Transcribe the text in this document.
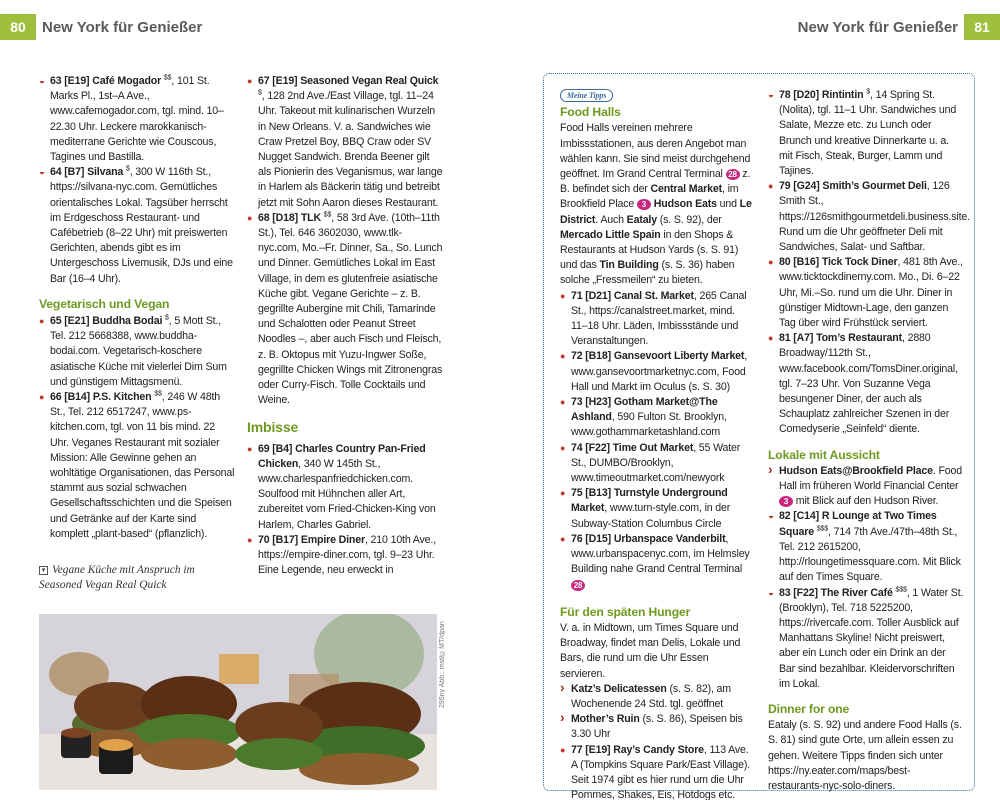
80	New York für Genießer	New York für Genießer	81
◒63 [E19] Café Mogador $$, 101 St. Marks Pl., 1st–A Ave., www.cafemogador.com, tgl. mind. 10–22.30 Uhr. Leckere marokkanisch-mediterrane Gerichte wie Couscous, Tagines und Bastilla.
◒64 [B7] Silvana $, 300 W 116th St., https://silvana-nyc.com. Gemütliches orientalisches Lokal. Tagsüber herrscht im Erdgeschoss Restaurant- und Cafébetrieb (8–22 Uhr) mit preiswerten Gerichten, abends gibt es im Untergeschoss Livemusik, DJs und eine Bar (16–4 Uhr).
Vegetarisch und Vegan
●65 [E21] Buddha Bodai $, 5 Mott St., Tel. 212 5668388, www.buddha-bodai.com. Vegetarisch-koschere asiatische Küche mit vielerlei Dim Sum und günstigem Mittagsmenü.
●66 [B14] P.S. Kitchen $$, 246 W 48th St., Tel. 212 6517247, www.ps-kitchen.com, tgl. von 11 bis mind. 22 Uhr. Veganes Restaurant mit sozialer Mission: Alle Gewinne gehen an wohltätige Organisationen, das Personal stammt aus sozial schwachen Gesellschaftsschichten und die Speisen und Getränke auf der Karte sind komplett „plant-based“ (pflanzlich).
▾ Vegane Küche mit Anspruch im Seasoned Vegan Real Quick
295ny Abb.: mst/©MT/dpan
●67 [E19] Seasoned Vegan Real Quick $, 128 2nd Ave./East Village, tgl. 11–24 Uhr. Takeout mit kulinarischen Wurzeln in New Orleans. V. a. Sandwiches wie Craw Pretzel Boy, BBQ Craw oder SV Nugget Sandwich. Brenda Beener gilt als Pionierin des Veganismus, war lange in Harlem als Bäckerin tätig und betreibt jetzt mit Sohn Aaron dieses Restaurant.
●68 [D18] TLK $$, 58 3rd Ave. (10th–11th St.), Tel. 646 3602030, www.tlk-nyc.com, Mo.–Fr. Dinner, Sa., So. Lunch und Dinner. Gemütliches Lokal im East Village, in dem es glutenfreie asiatische Küche gibt. Vegane Gerichte – z. B. gegrillte Aubergine mit Chili, Tamarinde und Schalotten oder Peanut Street Noodles –, aber auch Fisch und Fleisch, z. B. Oktopus mit Yuzu-Ingwer Soße, gegrillte Chicken Wings mit Zitronengras oder Curry-Fisch. Tolle Cocktails und Weine.
Imbisse
●69 [B4] Charles Country Pan-Fried Chicken, 340 W 145th St., www.charlespanfriedchicken.com. Soulfood mit Hühnchen aller Art, zubereitet vom Fried-Chicken-King von Harlem, Charles Gabriel.
●70 [B17] Empire Diner, 210 10th Ave., https://empire-diner.com, tgl. 9–23 Uhr. Eine Legende, neu erweckt in
Meine Tipps
Food Halls
Food Halls vereinen mehrere Imbissstationen, aus deren Angebot man wählen kann. Sie sind meist durchgehend geöffnet. Im Grand Central Terminal 28 z. B. befindet sich der Central Market, im Brookfield Place 3 Hudson Eats und Le District. Auch Eataly (s. S. 92), der Mercado Little Spain in den Shops & Restaurants at Hudson Yards (s. S. 91) und das Tin Building (s. S. 36) haben solche „Fressmeilen“ zu bieten.
●71 [D21] Canal St. Market, 265 Canal St., https://canalstreet.market, mind. 11–18 Uhr. Läden, Imbissstände und Veranstaltungen.
●72 [B18] Gansevoort Liberty Market, www.gansevoortmarketnyc.com, Food Hall und Markt im Oculus (s. S. 30)
●73 [H23] Gotham Market@The Ashland, 590 Fulton St. Brooklyn, www.gothammarketashland.com
●74 [F22] Time Out Market, 55 Water St., DUMBO/Brooklyn, www.timeoutmarket.com/newyork
●75 [B13] Turnstyle Underground Market, www.turn-style.com, in der Subway-Station Columbus Circle
●76 [D15] Urbanspace Vanderbilt, www.urbanspacenyc.com, im Helmsley Building nahe Grand Central Terminal 28
Für den späten Hunger
V. a. in Midtown, um Times Square und Broadway, findet man Delis, Lokale und Bars, die rund um die Uhr Essen servieren.
›Katz’s Delicatessen (s. S. 82), am Wochenende 24 Std. tgl. geöffnet
›Mother’s Ruin (s. S. 86), Speisen bis 3.30 Uhr
●77 [E19] Ray’s Candy Store, 113 Ave. A (Tompkins Square Park/East Village). Seit 1974 gibt es hier rund um die Uhr Pommes, Shakes, Eis, Hotdogs etc.
◒78 [D20] Rintintin $, 14 Spring St. (Nolita), tgl. 11–1 Uhr. Sandwiches und Salate, Mezze etc. zu Lunch oder Brunch und kreative Dinnerkarte u. a. mit Fisch, Steak, Burger, Lamm und Tajines.
●79 [G24] Smith’s Gourmet Deli, 126 Smith St., https://126smithgourmetdeli.business.site. Rund um die Uhr geöffneter Deli mit Sandwiches, Salat- und Saftbar.
●80 [B16] Tick Tock Diner, 481 8th Ave., www.ticktockdinerny.com. Mo., Di. 6–22 Uhr, Mi.–So. rund um die Uhr. Diner in günstiger Midtown-Lage, den ganzen Tag über wird Frühstück serviert.
●81 [A7] Tom’s Restaurant, 2880 Broadway/112th St., www.facebook.com/TomsDiner.original, tgl. 7–23 Uhr. Von Suzanne Vega besungener Diner, der auch als Schauplatz zahlreicher Szenen in der Comedyserie „Seinfeld“ diente.
Lokale mit Aussicht
›Hudson Eats@Brookfield Place. Food Hall im früheren World Financial Center 3 mit Blick auf den Hudson River.
◒82 [C14] R Lounge at Two Times Square $$$, 714 7th Ave./47th–48th St., Tel. 212 2615200, http://rloungetimessquare.com. Mit Blick auf den Times Square.
◒83 [F22] The River Café $$$, 1 Water St. (Brooklyn), Tel. 718 5225200, https://rivercafe.com. Toller Ausblick auf Manhattans Skyline! Nicht preiswert, aber ein Lunch oder ein Drink an der Bar sind bezahlbar. Kleidervorschriften im Lokal.
Dinner for one
Eataly (s. S. 92) und andere Food Halls (s. S. 81) sind gute Orte, um allein essen zu gehen. Weitere Tipps finden sich unter https://ny.eater.com/maps/best-restaurants-nyc-solo-diners.
